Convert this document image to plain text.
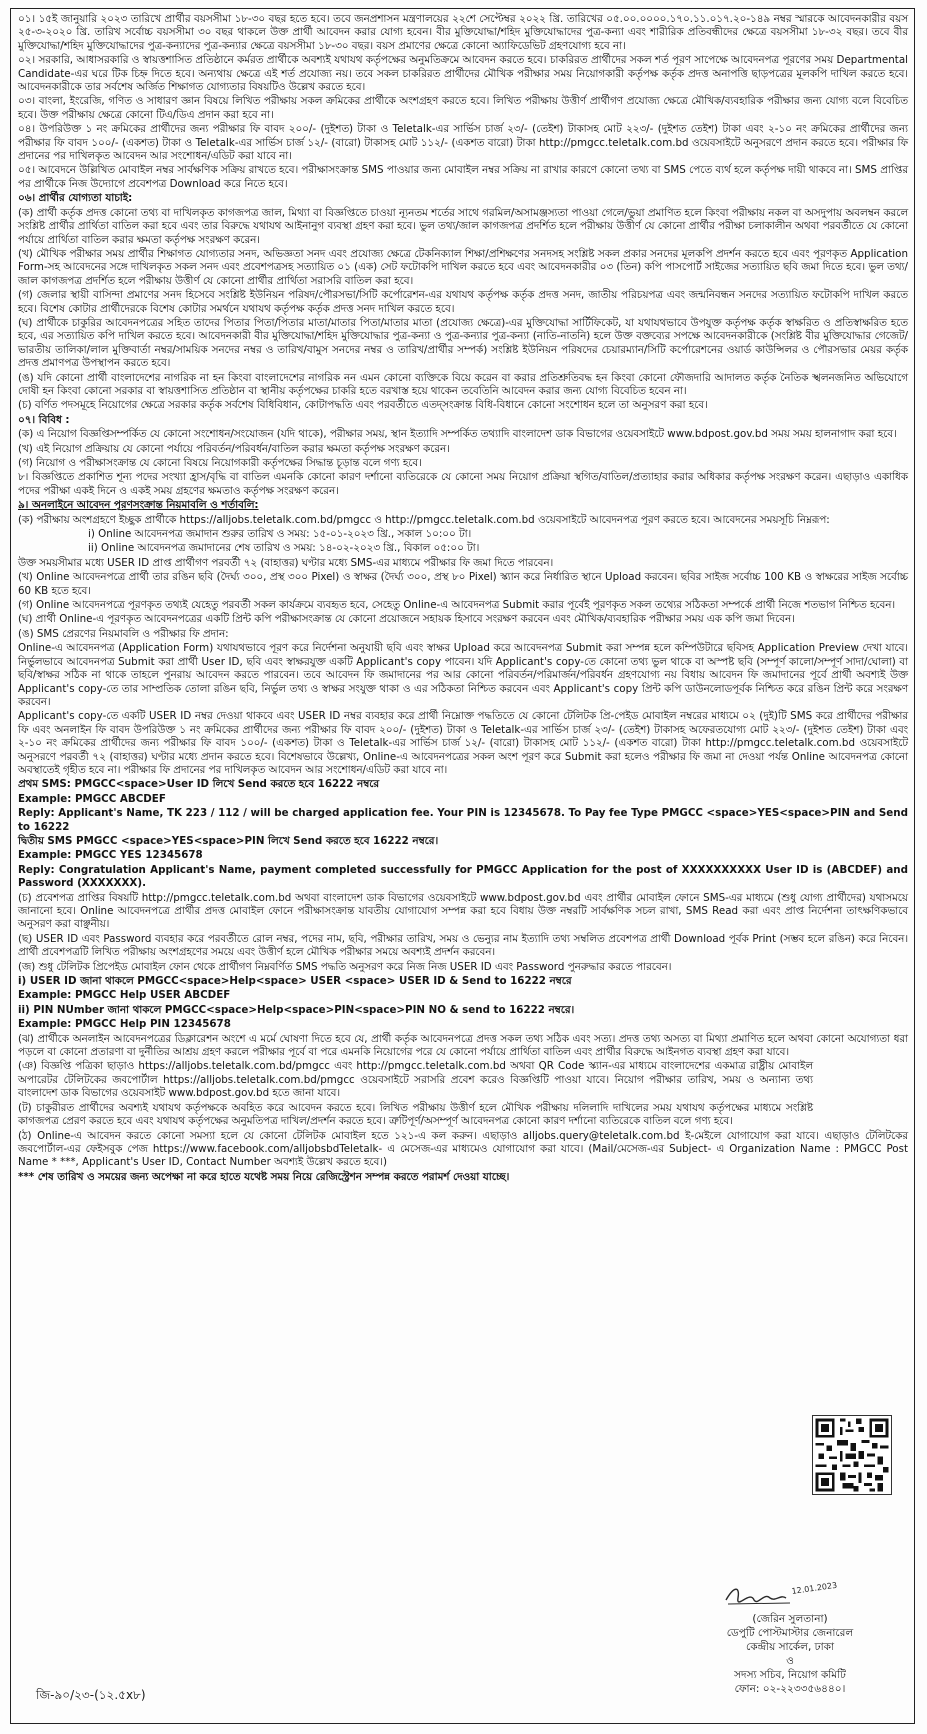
০১। ১৫ই জানুয়ারি ২০২৩ তারিখে প্রার্থীর বয়সসীমা ১৮-৩০ বছর হতে হবে। তবে জনপ্রশাসন মন্ত্রণালয়ের ২২শে সেপ্টেম্বর ২০২২ খ্রি. তারিখের ০৫.০০.০০০০.১৭০.১১.০১৭.২০-১৪৯ নম্বর স্মারকে আবেদনকারীর বয়স ২৫-৩-২০২০ খ্রি. তারিখ সর্বোচ্চ বয়সসীমা ৩০ বছর থাকলে উক্ত প্রার্থী আবেদন করার যোগ্য হবেন। বীর মুক্তিযোদ্ধা/শহিদ মুক্তিযোদ্ধাদের পুত্র-কন্যা এবং শারীরিক প্রতিবন্ধীদের ক্ষেত্রে বয়সসীমা ১৮-৩২ বছর। তবে বীর মুক্তিযোদ্ধা/শহিদ মুক্তিযোদ্ধাদের পুত্র-কন্যাদের পুত্র-কন্যার ক্ষেত্রে বয়সসীমা ১৮-৩০ বছর। বয়স প্রমাণের ক্ষেত্রে কোনো অ্যাফিডেভিট গ্রহণযোগ্য হবে না।

০২। সরকারি, আধাসরকারি ও স্বায়ত্তশাসিত প্রতিষ্ঠানে কর্মরত প্রার্থীকে অবশ্যই যথাযথ কর্তৃপক্ষের অনুমতিক্রমে আবেদন করতে হবে। চাকরিরত প্রার্থীদের সকল শর্ত পূরণ সাপেক্ষে আবেদনপত্র পূরণের সময় Departmental Candidate-এর ঘরে টিক চিহ্ন দিতে হবে। অন্যথায় ক্ষেত্রে এই শর্ত প্রযোজ্য নয়। তবে সকল চাকরিরত প্রার্থীদের মৌখিক পরীক্ষার সময় নিয়োগকারী কর্তৃপক্ষ কর্তৃক প্রদত্ত অনাপত্তি ছাড়পত্রের মূলকপি দাখিল করতে হবে। আবেদনকারীকে তার সর্বশেষ অর্জিত শিক্ষাগত যোগ্যতার বিষয়টিও উল্লেখ করতে হবে।

০৩। বাংলা, ইংরেজি, গণিত ও সাধারণ জ্ঞান বিষয়ে লিখিত পরীক্ষায় সকল ক্রমিকের প্রার্থীকে অংশগ্রহণ করতে হবে। লিখিত পরীক্ষায় উত্তীর্ণ প্রার্থীগণ প্রযোজ্য ক্ষেত্রে মৌখিক/ব্যবহারিক পরীক্ষার জন্য যোগ্য বলে বিবেচিত হবে। উক্ত পরীক্ষায় ক্ষেত্রে কোনো টিএ/ডিএ প্রদান করা হবে না।

০৪। উপরিউক্ত ১ নং ক্রমিকের প্রার্থীদের জন্য পরীক্ষার ফি বাবদ ২০০/- (দুইশত) টাকা ও Teletalk-এর সার্ভিস চার্জ ২৩/- (তেইশ) টাকাসহ মোট ২২৩/- (দুইশত তেইশ) টাকা এবং ২-১০ নং ক্রমিকের প্রার্থীদের জন্য পরীক্ষার ফি বাবদ ১০০/- (একশত) টাকা ও Teletalk-এর সার্ভিস চার্জ ১২/- (বারো) টাকাসহ মোট ১১২/- (একশত বারো) টাকা http://pmgcc.teletalk.com.bd ওয়েবসাইটে অনুসরণে প্রদান করতে হবে। পরীক্ষার ফি প্রদানের পর দাখিলকৃত আবেদন আর সংশোধন/এডিট করা যাবে না।

০৫। আবেদনে উল্লিখিত মোবাইল নম্বর সার্বক্ষণিক সক্রিয় রাখতে হবে। পরীক্ষাসংক্রান্ত SMS পাওয়ার জন্য মোবাইল নম্বর সক্রিয় না রাখার কারণে কোনো তথ্য বা SMS পেতে ব্যর্থ হলে কর্তৃপক্ষ দায়ী থাকবে না। SMS প্রাপ্তির পর প্রার্থীকে নিজ উদ্যোগে প্রবেশপত্র Download করে নিতে হবে।

০৬। প্রার্থীর যোগ্যতা যাচাই:

(ক) প্রার্থী কর্তৃক প্রদত্ত কোনো তথ্য বা দাখিলকৃত কাগজপত্র জাল, মিথ্যা বা বিজ্ঞপ্তিতে চাওয়া ন্যূনতম শর্তের সাথে গরমিল/অসামঞ্জস্যতা পাওয়া গেলে/ভুয়া প্রমাণিত হলে কিংবা পরীক্ষায় নকল বা অসদুপায় অবলম্বন করলে সংশ্লিষ্ট প্রার্থীর প্রার্থিতা বাতিল করা হবে এবং তার বিরুদ্ধে যথাযথ আইনানুগ ব্যবস্থা গ্রহণ করা হবে। ভুল তথ্য/জাল কাগজপত্র প্রদর্শিত হলে পরীক্ষায় উত্তীর্ণ যে কোনো প্রার্থীর পরীক্ষা চলাকালীন অথবা পরবর্তীতে যে কোনো পর্যায়ে প্রার্থিতা বাতিল করার ক্ষমতা কর্তৃপক্ষ সংরক্ষণ করেন।

(খ) মৌখিক পরীক্ষার সময় প্রার্থীর শিক্ষাগত যোগ্যতার সনদ, অভিজ্ঞতা সনদ এবং প্রযোজ্য ক্ষেত্রে টেকনিক্যাল শিক্ষা/প্রশিক্ষণের সনদসহ সংশ্লিষ্ট সকল প্রকার সনদের মূলকপি প্রদর্শন করতে হবে এবং পূরণকৃত Application Form-সহ আবেদনের সঙ্গে দাখিলকৃত সকল সনদ এবং প্রবেশপত্রসহ সত্যায়িত ০১ (এক) সেট ফটোকপি দাখিল করতে হবে এবং আবেদনকারীর ০৩ (তিন) কপি পাসপোর্ট সাইজের সত্যায়িত ছবি জমা দিতে হবে। ভুল তথ্য/জাল কাগজপত্র প্রদর্শিত হলে পরীক্ষায় উত্তীর্ণ যে কোনো প্রার্থীর প্রার্থিতা সরাসরি বাতিল করা হবে।

(গ) জেলার স্থায়ী বাসিন্দা প্রমাণের সনদ হিসেবে সংশ্লিষ্ট ইউনিয়ন পরিষদ/পৌরসভা/সিটি কর্পোরেশন-এর যথাযথ কর্তৃপক্ষ কর্তৃক প্রদত্ত সনদ, জাতীয় পরিচয়পত্র এবং জন্মনিবন্ধন সনদের সত্যায়িত ফটোকপি দাখিল করতে হবে। বিশেষ কোটার প্রার্থীদেরকে বিশেষ কোটার সমর্থনে যথাযথ কর্তৃপক্ষ কর্তৃক প্রদত্ত সনদ দাখিল করতে হবে।

(ঘ) প্রার্থীকে চাকুরির আবেদনপত্রের সহিত তাদের পিতার পিতা/পিতার মাতা/মাতার পিতা/মাতার মাতা (প্রযোজ্য ক্ষেত্রে)-এর মুক্তিযোদ্ধা সার্টিফিকেট, যা যথাযথভাবে উপযুক্ত কর্তৃপক্ষ কর্তৃক স্বাক্ষরিত ও প্রতিস্বাক্ষরিত হতে হবে, এর সত্যায়িত কপি দাখিল করতে হবে। আবেদনকারী বীর মুক্তিযোদ্ধা/শহিদ মুক্তিযোদ্ধার পুত্র-কন্যা ও পুত্র-কন্যার পুত্র-কন্যা (নাতি-নাতনি) হলে উক্ত বক্তব্যের সপক্ষে আবেদনকারীকে (সংশ্লিষ্ট বীর মুক্তিযোদ্ধার গেজেট/ভারতীয় তালিকা/লাল মুক্তিবার্তা নম্বর/সাময়িক সনদের নম্বর ও তারিখ/বামুস সনদের নম্বর ও তারিখ/প্রার্থীর সম্পর্ক) সংশ্লিষ্ট ইউনিয়ন পরিষদের চেয়ারম্যান/সিটি কর্পোরেশনের ওয়ার্ড কাউন্সিলর ও পৌরসভার মেয়র কর্তৃক প্রদত্ত প্রমাণপত্র উপস্থাপন করতে হবে।

(ঙ) যদি কোনো প্রার্থী বাংলাদেশের নাগরিক না হন কিংবা বাংলাদেশের নাগরিক নন এমন কোনো ব্যক্তিকে বিয়ে করেন বা করার প্রতিশ্রুতিবদ্ধ হন কিংবা কোনো ফৌজদারি আদালত কর্তৃক নৈতিক স্খলনজনিত অভিযোগে দোষী হন কিংবা কোনো সরকার বা স্বায়ত্তশাসিত প্রতিষ্ঠান বা স্থানীয় কর্তৃপক্ষের চাকরি হতে বরখাস্ত হয়ে থাকেন তবেতিনি আবেদন করার জন্য যোগ্য বিবেচিত হবেন না।

(চ) বর্ণিত পদসমূহে নিয়োগের ক্ষেত্রে সরকার কর্তৃক সর্বশেষ বিধিবিধান, কোটাপদ্ধতি এবং পরবর্তীতে এতদ্সংক্রান্ত বিধি-বিধানে কোনো সংশোধন হলে তা অনুসরণ করা হবে।

০৭। বিবিধ :

(ক) এ নিয়োগ বিজ্ঞপ্তিসম্পর্কিত যে কোনো সংশোধন/সংযোজন (যদি থাকে), পরীক্ষার সময়, স্থান ইত্যাদি সম্পর্কিত তথ্যাদি বাংলাদেশ ডাক বিভাগের ওয়েবসাইটে www.bdpost.gov.bd সময় সময় হালনাগাদ করা হবে।

(খ) এই নিয়োগ প্রক্রিয়ায় যে কোনো পর্যায়ে পরিবর্তন/পরিবর্ধন/বাতিল করার ক্ষমতা কর্তৃপক্ষ সংরক্ষণ করেন।

(গ) নিয়োগ ও পরীক্ষাসংক্রান্ত যে কোনো বিষয়ে নিয়োগকারী কর্তৃপক্ষের সিদ্ধান্ত চূড়ান্ত বলে গণ্য হবে।

৮। বিজ্ঞপ্তিতে প্রকাশিত শূন্য পদের সংখ্যা হ্রাস/বৃদ্ধি বা বাতিল এমনকি কোনো কারণ দর্শানো ব্যতিরেকে যে কোনো সময় নিয়োগ প্রক্রিয়া স্থগিত/বাতিল/প্রত্যাহার করার অধিকার কর্তৃপক্ষ সংরক্ষণ করেন। এছাড়াও একাধিক পদের পরীক্ষা একই দিনে ও একই সময় গ্রহণের ক্ষমতাও কর্তৃপক্ষ সংরক্ষণ করেন।

৯। অনলাইনে আবেদন পূরণসংক্রান্ত নিয়মাবলি ও শর্তাবলি:

(ক) পরীক্ষায় অংশগ্রহণে ইচ্ছুক প্রার্থীকে https://alljobs.teletalk.com.bd/pmgcc ও http://pmgcc.teletalk.com.bd ওয়েবসাইটে আবেদনপত্র পূরণ করতে হবে। আবেদনের সময়সূচি নিম্নরূপ:

i) Online আবেদনপত্র জমাদান শুরুর তারিখ ও সময়: ১৫-০১-২০২৩ খ্রি., সকাল ১০:০০ টা।

ii) Online আবেদনপত্র জমাদানের শেষ তারিখ ও সময়: ১৪-০২-২০২৩ খ্রি., বিকাল ০৫:০০ টা।

উক্ত সময়সীমার মধ্যে USER ID প্রাপ্ত প্রার্থীগণ পরবর্তী ৭২ (বাহাত্তর) ঘণ্টার মধ্যে SMS-এর মাধ্যমে পরীক্ষার ফি জমা দিতে পারবেন।

(খ) Online আবেদনপত্রে প্রার্থী তার রঙিন ছবি (দৈর্ঘ্য ৩০০, প্রস্থ ৩০০ Pixel) ও স্বাক্ষর (দৈর্ঘ্য ৩০০, প্রস্থ ৮০ Pixel) স্ক্যান করে নির্ধারিত স্থানে Upload করবেন। ছবির সাইজ সর্বোচ্চ 100 KB ও স্বাক্ষরের সাইজ সর্বোচ্চ 60 KB হতে হবে।

(গ) Online আবেদনপত্রে পূরণকৃত তথ্যই যেহেতু পরবর্তী সকল কার্যক্রমে ব্যবহৃত হবে, সেহেতু Online-এ আবেদনপত্র Submit করার পূর্বেই পূরণকৃত সকল তথ্যের সঠিকতা সম্পর্কে প্রার্থী নিজে শতভাগ নিশ্চিত হবেন।

(ঘ) প্রার্থী Online-এ পূরণকৃত আবেদনপত্রের একটি প্রিন্ট কপি পরীক্ষাসংক্রান্ত যে কোনো প্রয়োজনে সহায়ক হিসাবে সংরক্ষণ করবেন এবং মৌখিক/ব্যবহারিক পরীক্ষার সময় এক কপি জমা দিবেন।

(ঙ) SMS প্রেরণের নিয়মাবলি ও পরীক্ষার ফি প্রদান:

Online-এ আবেদনপত্র (Application Form) যথাযথভাবে পূরণ করে নির্দেশনা অনুযায়ী ছবি এবং স্বাক্ষর Upload করে আবেদনপত্র Submit করা সম্পন্ন হলে কম্পিউটারে ছবিসহ Application Preview দেখা যাবে। নির্ভুলভাবে আবেদনপত্র Submit করা প্রার্থী User ID, ছবি এবং স্বাক্ষরযুক্ত একটি Applicant's copy পাবেন। যদি Applicant's copy-তে কোনো তথ্য ভুল থাকে বা অস্পষ্ট ছবি (সম্পূর্ণ কালো/সম্পূর্ণ সাদা/ঘোলা) বা ছবি/স্বাক্ষর সঠিক না থাকে তাহলে পুনরায় আবেদন করতে পারবেন। তবে আবেদন ফি জমাদানের পর আর কোনো পরিবর্তন/পরিমার্জন/পরিবর্ধন গ্রহণযোগ্য নয় বিধায় আবেদন ফি জমাদানের পূর্বে প্রার্থী অবশ্যই উক্ত Applicant's copy-তে তার সাম্প্রতিক তোলা রঙিন ছবি, নির্ভুল তথ্য ও স্বাক্ষর সংযুক্ত থাকা ও এর সঠিকতা নিশ্চিত করবেন এবং Applicant's copy প্রিন্ট কপি ডাউনলোডপূর্বক নিশ্চিত করে রঙিন প্রিন্ট করে সংরক্ষণ করবেন।

Applicant's copy-তে একটি USER ID নম্বর দেওয়া থাকবে এবং USER ID নম্বর ব্যবহার করে প্রার্থী নিম্নোক্ত পদ্ধতিতে যে কোনো টেলিটক প্রি-পেইড মোবাইল নম্বরের মাধ্যমে ০২ (দুই)টি SMS করে প্রার্থীদের পরীক্ষার ফি এবং অনলাইন ফি বাবদ উপরিউক্ত ১ নং ক্রমিকের প্রার্থীদের জন্য পরীক্ষার ফি বাবদ ২০০/- (দুইশত) টাকা ও Teletalk-এর সার্ভিস চার্জ ২৩/- (তেইশ) টাকাসহ অফেরতযোগ্য মোট ২২৩/- (দুইশত তেইশ) টাকা এবং ২-১০ নং ক্রমিকের প্রার্থীদের জন্য পরীক্ষার ফি বাবদ ১০০/- (একশত) টাকা ও Teletalk-এর সার্ভিস চার্জ ১২/- (বারো) টাকাসহ মোট ১১২/- (একশত বারো) টাকা http://pmgcc.teletalk.com.bd ওয়েবসাইটে অনুসরণে পরবর্তী ৭২ (বাহাত্তর) ঘণ্টার মধ্যে প্রদান করতে হবে। বিশেষভাবে উল্লেখ্য, Online-এ আবেদনপত্রের সকল অংশ পূরণ করে Submit করা হলেও পরীক্ষার ফি জমা না দেওয়া পর্যন্ত Online আবেদনপত্র কোনো অবস্থাতেই গৃহীত হবে না। পরীক্ষার ফি প্রদানের পর দাখিলকৃত আবেদন আর সংশোধন/এডিট করা যাবে না।

প্রথম SMS: PMGCC<space>User ID লিখে Send করতে হবে 16222 নম্বরে

Example: PMGCC ABCDEF

Reply: Applicant's Name, TK 223 / 112 / will be charged application fee. Your PIN is 12345678. To Pay fee Type PMGCC <space>YES<space>PIN and Send to 16222

দ্বিতীয় SMS PMGCC <space>YES<space>PIN লিখে Send করতে হবে 16222 নম্বরে।

Example: PMGCC YES 12345678

Reply: Congratulation Applicant's Name, payment completed successfully for PMGCC Application for the post of XXXXXXXXXX User ID is (ABCDEF) and Password (XXXXXXX).

(চ) প্রবেশপত্র প্রাপ্তির বিষয়টি http://pmgcc.teletalk.com.bd অথবা বাংলাদেশ ডাক বিভাগের ওয়েবসাইটে www.bdpost.gov.bd এবং প্রার্থীর মোবাইল ফোনে SMS-এর মাধ্যমে (শুধু যোগ্য প্রার্থীদের) যথাসময়ে জানানো হবে। Online আবেদনপত্রে প্রার্থীর প্রদত্ত মোবাইল ফোনে পরীক্ষাসংক্রান্ত যাবতীয় যোগাযোগ সম্পন্ন করা হবে বিধায় উক্ত নম্বরটি সার্বক্ষণিক সচল রাখা, SMS Read করা এবং প্রাপ্ত নির্দেশনা তাৎক্ষণিকভাবে অনুসরণ করা বাঞ্ছনীয়।

(ছ) USER ID এবং Password ব্যবহার করে পরবর্তীতে রোল নম্বর, পদের নাম, ছবি, পরীক্ষার তারিখ, সময় ও ভেন্যুর নাম ইত্যাদি তথ্য সম্বলিত প্রবেশপত্র প্রার্থী Download পূর্বক Print (সম্ভব হলে রঙিন) করে নিবেন। প্রার্থী প্রবেশপত্রটি লিখিত পরীক্ষায় অংশগ্রহণের সময়ে এবং উত্তীর্ণ হলে মৌখিক পরীক্ষার সময়ে অবশ্যই প্রদর্শন করবেন।

(জ) শুধু টেলিটক প্রিপেইড মোবাইল ফোন থেকে প্রার্থীগণ নিম্নবর্ণিত SMS পদ্ধতি অনুসরণ করে নিজ নিজ USER ID এবং Password পুনরুদ্ধার করতে পারবেন।

i) USER ID জানা থাকলে PMGCC<space>Help<space> USER <space> USER ID & Send to 16222 নম্বরে

Example: PMGCC Help USER ABCDEF

ii) PIN NUmber জানা থাকলে PMGCC<space>Help<space>PIN<space>PIN NO & send to 16222 নম্বরে।

Example: PMGCC Help PIN 12345678

(ঝ) প্রার্থীকে অনলাইন আবেদনপত্রের ডিক্লারেশন অংশে এ মর্মে ঘোষণা দিতে হবে যে, প্রার্থী কর্তৃক আবেদনপত্রে প্রদত্ত সকল তথ্য সঠিক এবং সত্য। প্রদত্ত তথ্য অসত্য বা মিথ্যা প্রমাণিত হলে অথবা কোনো অযোগ্যতা ধরা পড়লে বা কোনো প্রতারণা বা দুর্নীতির আশ্রয় গ্রহণ করলে পরীক্ষার পূর্বে বা পরে এমনকি নিয়োগের পরে যে কোনো পর্যায়ে প্রার্থিতা বাতিল এবং প্রার্থীর বিরুদ্ধে আইনগত ব্যবস্থা গ্রহণ করা যাবে।

(ঞ) বিজ্ঞপ্তি পত্রিকা ছাড়াও https://alljobs.teletalk.com.bd/pmgcc এবং http://pmgcc.teletalk.com.bd অথবা QR Code স্ক্যান-এর মাধ্যমে বাংলাদেশের একমাত্র রাষ্ট্রীয় মোবাইল অপারেটর টেলিটকের জবপোর্টাল https://alljobs.teletalk.com.bd/pmgcc ওয়েবসাইটে সরাসরি প্রবেশ করেও বিজ্ঞপ্তিটি পাওয়া যাবে। নিয়োগ পরীক্ষার তারিখ, সময় ও অন্যান্য তথ্য বাংলাদেশ ডাক বিভাগের ওয়েবসাইট www.bdpost.gov.bd হতে জানা যাবে।

(ট) চাকুরীরত প্রার্থীদের অবশ্যই যথাযথ কর্তৃপক্ষকে অবহিত করে আবেদন করতে হবে। লিখিত পরীক্ষায় উত্তীর্ণ হলে মৌখিক পরীক্ষায় দলিলাদি দাখিলের সময় যথাযথ কর্তৃপক্ষের মাধ্যমে সংশ্লিষ্ট কাগজপত্র প্রেরণ করতে হবে এবং যথাযথ কর্তৃপক্ষের অনুমতিপত্র দাখিল/প্রদর্শন করতে হবে। ত্রুটিপূর্ণ/অসম্পূর্ণ আবেদনপত্র কোনো কারণ দর্শানো ব্যতিরেকে বাতিল বলে গণ্য হবে।

(ঠ) Online-এ আবেদন করতে কোনো সমস্যা হলে যে কোনো টেলিটক মোবাইল হতে ১২১-এ কল করুন। এছাড়াও alljobs.query@teletalk.com.bd ই-মেইলে যোগাযোগ করা যাবে। এছাড়াও টেলিটকের জবপোর্টাল-এর ফেইসবুক পেজ https://www.facebook.com/alljobsbdTeletalk- এ মেসেজ-এর মাধ্যমেও যোগাযোগ করা যাবে। (Mail/মেসেজ-এর Subject- এ Organization Name : PMGCC Post Name * ***, Applicant's User ID, Contact Number অবশ্যই উল্লেখ করতে হবে।)

*** শেষ তারিখ ও সময়ের জন্য অপেক্ষা না করে হাতে যথেষ্ট সময় নিয়ে রেজিস্ট্রেশন সম্পন্ন করতে পরামর্শ দেওয়া যাচ্ছে।

12.01.2023
(জেরিন সুলতানা)
ডেপুটি পোস্টমাস্টার জেনারেল
কেন্দ্রীয় সার্কেল, ঢাকা
ও
সদস্য সচিব, নিয়োগ কমিটি
ফোন: ০২-২২৩৩৫৬৪৪০।
জি-৯০/২৩-(১২.৫x৮)
